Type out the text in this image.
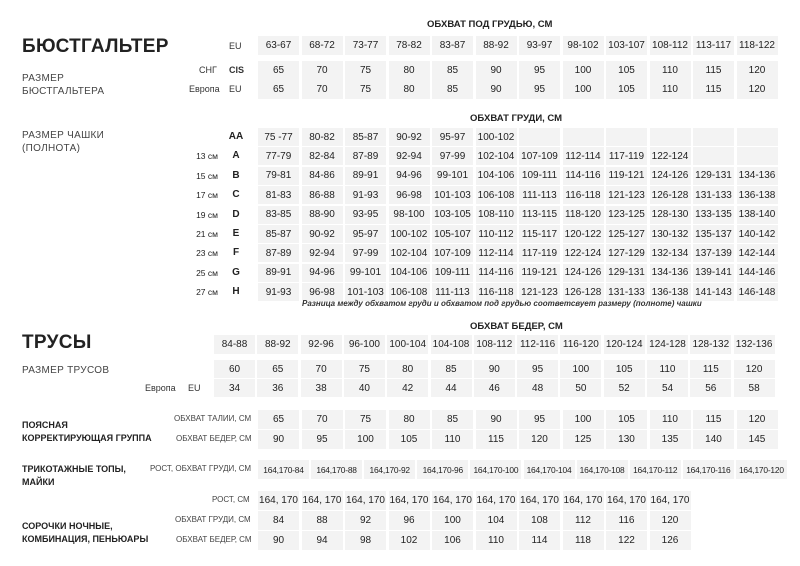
БЮСТГАЛЬТЕР
РАЗМЕР
БЮСТГАЛЬТЕРА
ОБХВАТ ПОД ГРУДЬЮ, СМ
EU
СНГ CIS
Европа EU
63-67	68-72	73-77	78-82	83-87	88-92	93-97	98-102 103-107 108-112 113-117 118-122
65	70	75	80	85	90	95	100	105	110	115	120
65	70	75	80	85	90	95	100	105	110	115	120
РАЗМЕР ЧАШКИ
(ПОЛНОТА)
ОБХВАТ ГРУДИ, СМ
AA	75 -77	80-82	85-87	90-92	95-97	100-102
13 см	A	77-79	82-84	87-89	92-94	97-99	102-104 107-109 112-114 117-119 122-124
15 см	B	79-81	84-86	89-91	94-96	99-101 104-106 109-111 114-116 119-121 124-126 129-131 134-136
17 см	C	81-83	86-88	91-93	96-98	101-103 106-108 111-113 116-118 121-123 126-128 131-133 136-138
19 см	D	83-85	88-90	93-95	98-100 103-105 108-110 113-115 118-120 123-125 128-130 133-135 138-140
21 см	E	85-87	90-92	95-97	100-102 105-107 110-112 115-117 120-122 125-127 130-132 135-137 140-142
23 см	F	87-89	92-94	97-99	102-104 107-109 112-114 117-119 122-124 127-129 132-134 137-139 142-144
25 см	G	89-91	94-96	99-101 104-106 109-111 114-116 119-121 124-126 129-131 134-136 139-141 144-146
27 см	H	91-93	96-98	101-103 106-108 111-113 116-118 121-123 126-128 131-133 136-138 141-143 146-148
Разница между обхватом груди и обхватом под грудью соответсвует размеру (полноте) чашки
ОБХВАТ БЕДЕР, СМ
ТРУСЫ
РАЗМЕР ТРУСОВ
Европа EU
84-88	88-92	92-96	96-100 100-104 104-108 108-112 112-116 116-120 120-124 124-128 128-132 132-136
60	65	70	75	80	85	90	95	100	105	110	115	120
34	36	38	40	42	44	46	48	50	52	54	56	58
ПОЯСНАЯ
КОРРЕКТИРУЮЩАЯ ГРУППА
ОБХВАТ ТАЛИИ, СМ
ОБХВАТ БЕДЕР, СМ
65	70	75	80	85	90	95	100	105	110	115	120
90	95	100	105	110	115	120	125	130	135	140	145
ТРИКОТАЖНЫЕ ТОПЫ,
МАЙКИ
РОСТ, ОБХВАТ ГРУДИ, СМ	164,170-84	164,170-88	164,170-92	164,170-96	164,170-100 164,170-104 164,170-108	164,170-112	164,170-116	164,170-120
РОСТ, СМ
ОБХВАТ ГРУДИ, СМ
ОБХВАТ БЕДЕР, СМ
СОРОЧКИ НОЧНЫЕ,
КОМБИНАЦИЯ, ПЕНЬЮАРЫ
164, 170 164, 170 164, 170 164, 170 164, 170 164, 170 164, 170 164, 170 164, 170 164, 170
84	88	92	96	100	104	108	112	116	120
90	94	98	102	106	110	114	118	122	126
